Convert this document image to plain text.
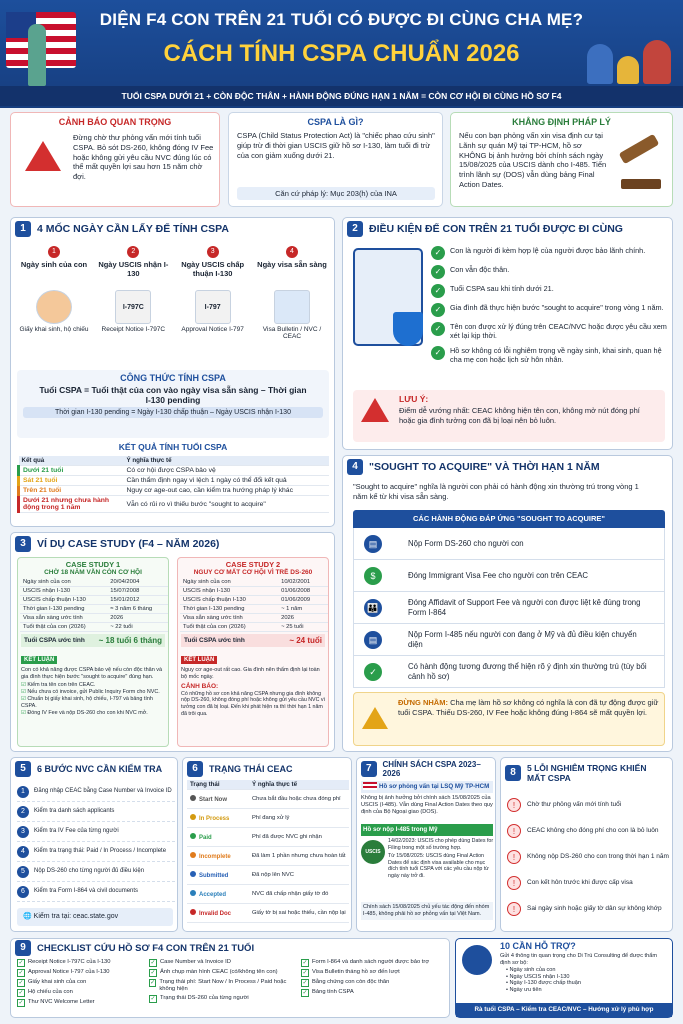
DIỆN F4 CON TRÊN 21 TUỔI CÓ ĐƯỢC ĐI CÙNG CHA MẸ?
CÁCH TÍNH CSPA CHUẨN 2026
TUỔI CSPA DƯỚI 21 + CÒN ĐỘC THÂN + HÀNH ĐỘNG ĐÚNG HẠN 1 NĂM = CÒN CƠ HỘI ĐI CÙNG HỒ SƠ F4
CẢNH BÁO QUAN TRỌNG

Đừng chờ thư phỏng vấn mới tính tuổi CSPA. Bỏ sót DS-260, không đóng IV Fee hoặc không gửi yêu cầu NVC đúng lúc có thể mất quyền lợi sau hơn 15 năm chờ đợi.

CSPA LÀ GÌ?

CSPA (Child Status Protection Act) là "chiếc phao cứu sinh" giúp trừ đi thời gian USCIS giữ hồ sơ I-130, làm tuổi đi trừ của con giảm xuống dưới 21.

Căn cứ pháp lý: Mục 203(h) của INA
KHẲNG ĐỊNH PHÁP LÝ

Nếu con bạn phỏng vấn xin visa định cư tại Lãnh sự quán Mỹ tại TP-HCM, hồ sơ KHÔNG bị ảnh hưởng bởi chính sách ngày 15/08/2025 của USCIS dành cho I-485. Tiến trình lãnh sự (DOS) vẫn dùng bảng Final Action Dates.

1	4 MỐC NGÀY CẦN LẤY ĐỂ TÍNH CSPA
1
Ngày sinh của con
Giấy khai sinh, hộ chiếu
2
Ngày USCIS nhận I-130
I-797C
Receipt Notice I-797C
3
Ngày USCIS chấp thuận I-130
I-797
Approval Notice I-797
4
Ngày visa sẵn sàng
Visa Bulletin / NVC / CEAC
CÔNG THỨC TÍNH CSPA
Tuổi CSPA = Tuổi thật của con vào ngày visa sẵn sàng – Thời gian I-130 pending
Thời gian I-130 pending = Ngày I-130 chấp thuận – Ngày USCIS nhận I-130
KẾT QUẢ TÍNH TUỔI CSPA
Kết quả	Ý nghĩa thực tế
Dưới 21 tuổi	Có cơ hội được CSPA bảo vệ
Sát 21 tuổi	Cần thẩm định ngay vì lệch 1 ngày có thể đổi kết quả
Trên 21 tuổi	Nguy cơ age-out cao, cần kiểm tra hướng pháp lý khác
Dưới 21 nhưng chưa hành động trong 1 năm	Vẫn có rủi ro vì thiếu bước "sought to acquire"
2	ĐIỀU KIỆN ĐỂ CON TRÊN 21 TUỔI ĐƯỢC ĐI CÙNG
✓	Con là người đi kèm hợp lệ của người được bảo lãnh chính.
✓	Con vẫn độc thân.
✓	Tuổi CSPA sau khi tính dưới 21.
✓	Gia đình đã thực hiện bước "sought to acquire" trong vòng 1 năm.
✓	Tên con được xử lý đúng trên CEAC/NVC hoặc được yêu cầu xem xét lại kịp thời.
✓	Hồ sơ không có lỗi nghiêm trọng về ngày sinh, khai sinh, quan hệ cha mẹ con hoặc lịch sử hôn nhân.
LƯU Ý:
Điểm dễ vướng nhất: CEAC không hiện tên con, không mở nút đóng phí hoặc gia đình tưởng con đã bị loại nên bỏ luôn.
3	VÍ DỤ CASE STUDY (F4 – NĂM 2026)
CASE STUDY 1
CHỜ 18 NĂM VẪN CÒN CƠ HỘI
Ngày sinh của con	20/04/2004
USCIS nhận I-130	15/07/2008
USCIS chấp thuận I-130	15/01/2012
Thời gian I-130 pending	≈ 3 năm 6 tháng
Visa sẵn sàng ước tính	2026
Tuổi thật của con (2026)	~ 22 tuổi
Tuổi CSPA ước tính ~ 18 tuổi 6 tháng
KẾT LUẬN
Con có khả năng được CSPA bảo vệ nếu còn độc thân và gia đình thực hiện bước "sought to acquire" đúng hạn.
☑ Kiểm tra tên con trên CEAC.
☑ Nếu chưa có invoice, gửi Public Inquiry Form cho NVC.
☑ Chuẩn bị giấy khai sinh, hộ chiếu, I-797 và bảng tính CSPA.
☑ Đóng IV Fee và nộp DS-260 cho con khi NVC mở.
CASE STUDY 2
NGUY CƠ MẤT CƠ HỘI VÌ TRỄ DS-260
Ngày sinh của con	10/02/2001
USCIS nhận I-130	01/06/2008
USCIS chấp thuận I-130	01/06/2009
Thời gian I-130 pending	~ 1 năm
Visa sẵn sàng ước tính	2026
Tuổi thật của con (2026)	~ 25 tuổi
Tuổi CSPA ước tính	~ 24 tuổi
KẾT LUẬN
Nguy cơ age-out rất cao. Gia đình nên thẩm định lại toàn bộ mốc ngày.
CẢNH BÁO:
Có những hồ sơ con khả năng CSPA nhưng gia đình không nộp DS-260, không đóng phí hoặc không gửi yêu cầu NVC vì tưởng con đã bị loại. Đến khi phát hiện ra thì thời hạn 1 năm đã trôi qua.
4	"SOUGHT TO ACQUIRE" VÀ THỜI HẠN 1 NĂM
"Sought to acquire" nghĩa là người con phải có hành động xin thường trú trong vòng 1 năm kể từ khi visa sẵn sàng.
CÁC HÀNH ĐỘNG ĐÁP ỨNG "SOUGHT TO ACQUIRE"
▤	Nộp Form DS-260 cho người con
$	Đóng Immigrant Visa Fee cho người con trên CEAC
👪
Đóng Affidavit of Support Fee và người con được liệt kê đúng trong Form I-864
▤
Nộp Form I-485 nếu người con đang ở Mỹ và đủ điều kiện chuyển diện
✓
Có hành động tương đương thể hiện rõ ý định xin thường trú (tùy bối cảnh hồ sơ)
ĐỪNG NHẦM: Cha mẹ làm hồ sơ không có nghĩa là con đã tự động được giữ tuổi CSPA. Thiếu DS-260, IV Fee hoặc không đúng I-864 sẽ mất quyền lợi.
5	6 BƯỚC NVC CẦN KIỂM TRA
1	Đăng nhập CEAC bằng Case Number và Invoice ID
2	Kiểm tra danh sách applicants
3	Kiểm tra IV Fee của từng người
4	Kiểm tra trạng thái: Paid / In Process / Incomplete
5	Nộp DS-260 cho từng người đủ điều kiện
6	Kiểm tra Form I-864 và civil documents
🌐 Kiểm tra tại: ceac.state.gov
6	TRẠNG THÁI CEAC
Trạng thái	Ý nghĩa thực tế
Start Now	Chưa bắt đầu hoặc chưa đóng phí
In Process	Phí đang xử lý
Paid	Phí đã được NVC ghi nhận
Incomplete	Đã làm 1 phần nhưng chưa hoàn tất
Submitted	Đã nộp lên NVC
Accepted	NVC đã chấp nhận giấy tờ đó
Invalid Doc	Giấy tờ bị sai hoặc thiếu, cần nộp lại
7	CHÍNH SÁCH CSPA 2023–2026
Hồ sơ phỏng vấn tại LSQ Mỹ TP-HCM
Không bị ảnh hưởng bởi chính sách 15/08/2025 của USCIS (I-485). Vẫn dùng Final Action Dates theo quy định của Bộ Ngoại giao (DOS).
Hồ sơ nộp I-485 trong Mỹ
USCIS
14/02/2023: USCIS cho phép dùng Dates for Filing trong một số trường hợp.
Từ 15/08/2025: USCIS dùng Final Action Dates để xác định visa available cho mục đích tính tuổi CSPA với các yêu cầu nộp từ ngày này trở đi.
Chính sách 15/08/2025 chủ yếu tác động đến nhóm I-485, không phải hồ sơ phỏng vấn tại Việt Nam.
8	5 LỖI NGHIÊM TRỌNG KHIẾN MẤT CSPA
!	Chờ thư phỏng vấn mới tính tuổi
!	CEAC không cho đóng phí cho con là bỏ luôn
!	Không nộp DS-260 cho con trong thời hạn 1 năm
!	Con kết hôn trước khi được cấp visa
!	Sai ngày sinh hoặc giấy tờ dân sự không khớp
9	CHECKLIST CỨU HỒ SƠ F4 CON TRÊN 21 TUỔI
✓ Receipt Notice I-797C của I-130
✓ Approval Notice I-797 của I-130
✓ Giấy khai sinh của con
✓ Hộ chiếu của con
✓ Thư NVC Welcome Letter
✓ Case Number và Invoice ID
✓ Ảnh chụp màn hình CEAC (có/không tên con)
✓ Trạng thái phí: Start Now / In Process / Paid hoặc không hiện
✓ Trạng thái DS-260 của từng người
✓ Form I-864 và danh sách người được bảo trợ
✓ Visa Bulletin tháng hồ sơ đến lượt
✓ Bằng chứng con còn độc thân
✓ Bảng tính CSPA
10 CẦN HỖ TRỢ?
Gửi 4 thông tin quan trọng cho Di Trú Consulting để được thẩm định sơ bộ:
• Ngày sinh của con
• Ngày USCIS nhận I-130
• Ngày I-130 được chấp thuận
• Ngày ưu tiên
Rà tuổi CSPA – Kiểm tra CEAC/NVC – Hướng xử lý phù hợp
